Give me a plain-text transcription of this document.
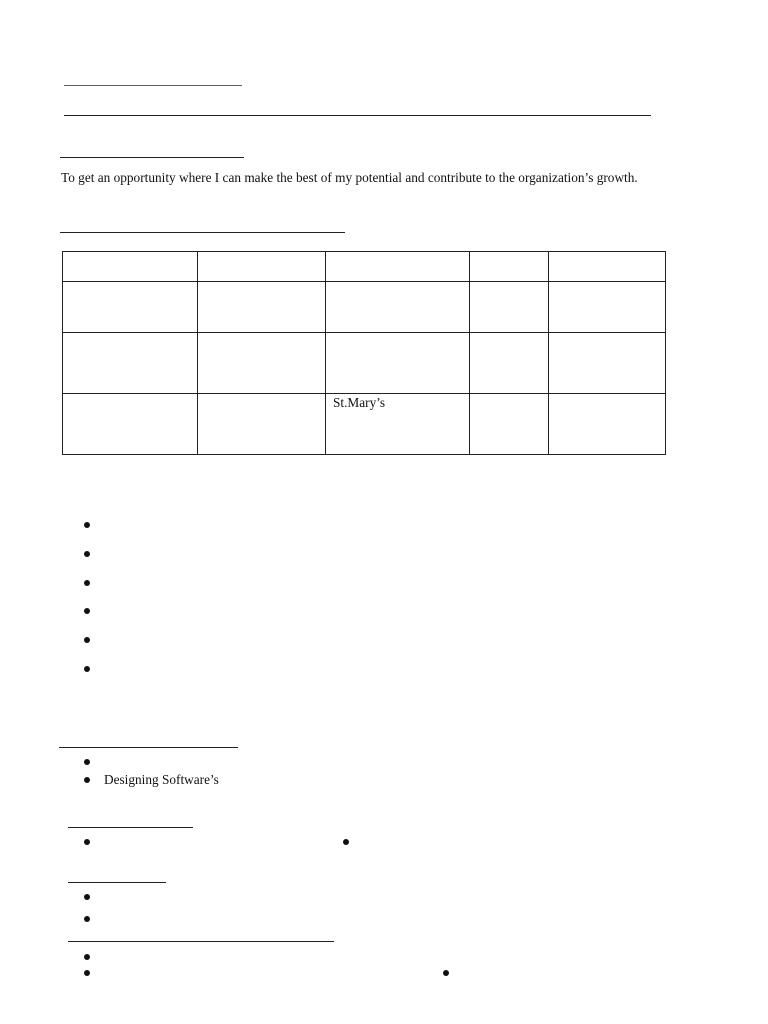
To get an opportunity where I can make the best of my potential and contribute to the organization’s growth.

		St.Mary’s		

Designing Software’s
